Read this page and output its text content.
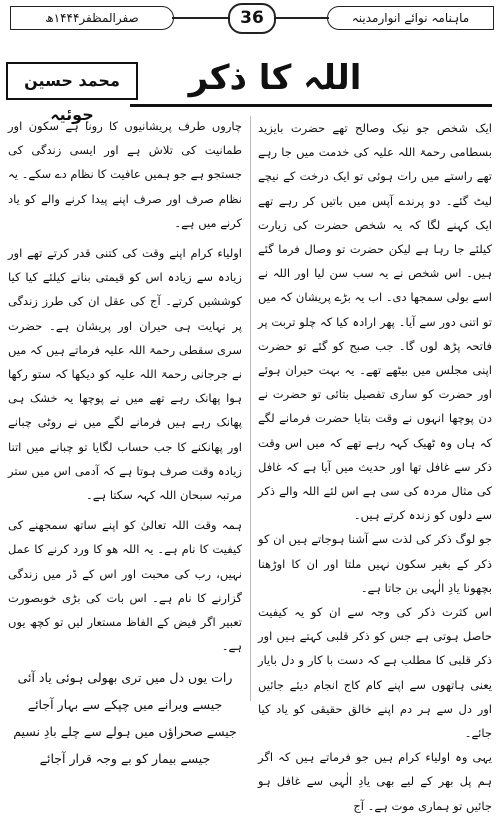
صفرالمظفر۱۴۴۴ھ	36	ماہنامہ نوائے انوارمدینہ
اللہ کا ذکر
محمد حسین جوئیہ

ایک شخص جو نیک وصالح تھے حضرت بایزید بسطامی رحمۃ اللہ علیہ کی خدمت میں جا رہے تھے راستے میں رات ہوئی تو ایک درخت کے نیچے لیٹ گئے۔ دو پرندے آپس میں باتیں کر رہے تھے ایک کہنے لگا کہ یہ شخص حضرت کی زیارت کیلئے جا رہا ہے لیکن حضرت تو وصال فرما گئے ہیں۔ اس شخص نے یہ سب سن لیا اور اللہ نے اسے بولی سمجھا دی۔ اب یہ بڑے پریشان کہ میں تو اتنی دور سے آیا۔ پھر ارادہ کیا کہ چلو تربت پر فاتحہ پڑھ لوں گا۔ جب صبح کو گئے تو حضرت اپنی مجلس میں بیٹھے تھے۔ یہ بہت حیران ہوئے اور حضرت کو ساری تفصیل بتائی تو حضرت نے دن پوچھا انہوں نے وقت بتایا حضرت فرمانے لگے کہ ہاں وہ ٹھیک کہہ رہے تھے کہ میں اس وقت ذکر سے غافل تھا اور حدیث میں آیا ہے کہ غافل کی مثال مردہ کی سی ہے اس لئے اللہ والے ذکر سے دلوں کو زندہ کرتے ہیں۔

جو لوگ ذکر کی لذت سے آشنا ہوجاتے ہیں ان کو ذکر کے بغیر سکون نہیں ملتا اور ان کا اوڑھنا بچھونا یادِ الٰہی بن جاتا ہے۔

اس کثرت ذکر کی وجہ سے ان کو یہ کیفیت حاصل ہوتی ہے جس کو ذکر قلبی کہتے ہیں اور ذکر قلبی کا مطلب ہے کہ دست با کار و دل بایار یعنی ہاتھوں سے اپنے کام کاج انجام دیئے جائیں اور دل سے ہر دم اپنے خالق حقیقی کو یاد کیا جائے۔

یہی وہ اولیاء کرام ہیں جو فرماتے ہیں کہ اگر ہم پل بھر کے لیے بھی یادِ الٰہی سے غافل ہو جائیں تو ہماری موت ہے۔ آج

چاروں طرف پریشانیوں کا رونا ہے سکون اور طمانیت کی تلاش ہے اور ایسی زندگی کی جستجو ہے جو ہمیں عافیت کا نظام دے سکے۔ یہ نظام صرف اور صرف اپنے پیدا کرنے والے کو یاد کرنے میں ہے۔

اولیاء کرام اپنے وقت کی کتنی قدر کرتے تھے اور زیادہ سے زیادہ اس کو قیمتی بنانے کیلئے کیا کیا کوششیں کرتے۔ آج کی عقل ان کی طرز زندگی پر نہایت ہی حیران اور پریشان ہے۔ حضرت سری سقطی رحمۃ اللہ علیہ فرماتے ہیں کہ میں نے جرجانی رحمۃ اللہ علیہ کو دیکھا کہ ستو رکھا ہوا پھانک رہے تھے میں نے پوچھا یہ خشک ہی پھانک رہے ہیں فرمانے لگے میں نے روٹی چبانے اور پھانکنے کا جب حساب لگایا تو چبانے میں اتنا زیادہ وقت صرف ہوتا ہے کہ آدمی اس میں ستر مرتبہ سبحان اللہ کہہ سکتا ہے۔

ہمہ وقت اللہ تعالیٰ کو اپنے ساتھ سمجھنے کی کیفیت کا نام ہے۔ یہ اللہ ھو کا ورد کرنے کا عمل نہیں، رب کی محبت اور اس کے ڈر میں زندگی گزارنے کا نام ہے۔ اس بات کی بڑی خوبصورت تعبیر اگر فیض کے الفاظ مستعار لیں تو کچھ یوں ہے۔

رات یوں دل میں تری بھولی ہوئی یاد آئی
جیسے ویرانے میں چپکے سے بہار آجائے
جیسے صحراؤں میں ہولے سے چلے بادِ نسیم
جیسے بیمار کو بے وجہ قرار آجائے
